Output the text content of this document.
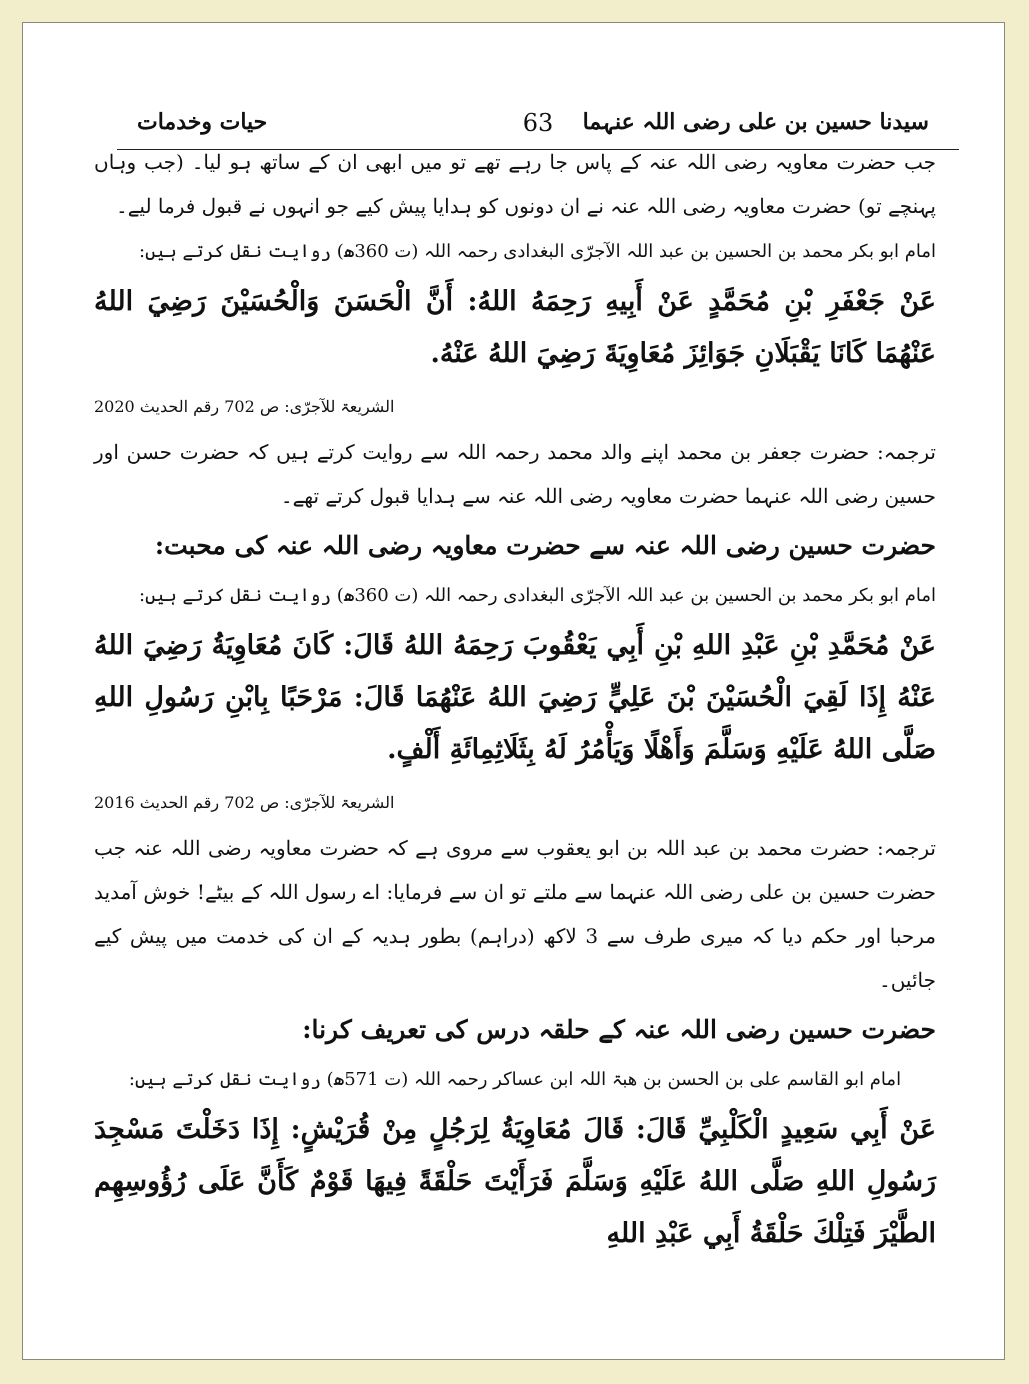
حیات وخدمات	63	سیدنا حسین بن علی رضی اللہ عنہما

جب حضرت معاویہ رضی اللہ عنہ کے پاس جا رہے تھے تو میں ابھی ان کے ساتھ ہو لیا۔ (جب وہاں پہنچے تو) حضرت معاویہ رضی اللہ عنہ نے ان دونوں کو ہدایا پیش کیے جو انہوں نے قبول فرما لیے۔

امام ابو بکر محمد بن الحسین بن عبد اللہ الآجرّی البغدادی رحمہ اللہ (ت 360ھ) روایت نقل کرتے ہیں:

عَنْ جَعْفَرِ بْنِ مُحَمَّدٍ عَنْ أَبِيهِ رَحِمَهُ اللهُ: أَنَّ الْحَسَنَ وَالْحُسَيْنَ رَضِيَ اللهُ عَنْهُمَا كَانَا يَقْبَلَانِ جَوَائِزَ مُعَاوِيَةَ رَضِيَ اللهُ عَنْهُ.

الشریعۃ للآجرّی: ص 702 رقم الحدیث 2020

ترجمہ: حضرت جعفر بن محمد اپنے والد محمد رحمہ اللہ سے روایت کرتے ہیں کہ حضرت حسن اور حسین رضی اللہ عنہما حضرت معاویہ رضی اللہ عنہ سے ہدایا قبول کرتے تھے۔

حضرت حسین رضی اللہ عنہ سے حضرت معاویہ رضی اللہ عنہ کی محبت:

امام ابو بکر محمد بن الحسین بن عبد اللہ الآجرّی البغدادی رحمہ اللہ (ت 360ھ) روایت نقل کرتے ہیں:

عَنْ مُحَمَّدِ بْنِ عَبْدِ اللهِ بْنِ أَبِي يَعْقُوبَ رَحِمَهُ اللهُ قَالَ: كَانَ مُعَاوِيَةُ رَضِيَ اللهُ عَنْهُ إِذَا لَقِيَ الْحُسَيْنَ بْنَ عَلِيٍّ رَضِيَ اللهُ عَنْهُمَا قَالَ: مَرْحَبًا بِابْنِ رَسُولِ اللهِ صَلَّى اللهُ عَلَيْهِ وَسَلَّمَ وَأَهْلًا وَيَأْمُرُ لَهُ بِثَلَاثِمِائَةِ أَلْفٍ.

الشریعۃ للآجرّی: ص 702 رقم الحدیث 2016

ترجمہ: حضرت محمد بن عبد اللہ بن ابو یعقوب سے مروی ہے کہ حضرت معاویہ رضی اللہ عنہ جب حضرت حسین بن علی رضی اللہ عنہما سے ملتے تو ان سے فرمایا: اے رسول اللہ کے بیٹے! خوش آمدید مرحبا اور حکم دیا کہ میری طرف سے 3 لاکھ (دراہم) بطور ہدیہ کے ان کی خدمت میں پیش کیے جائیں۔

حضرت حسین رضی اللہ عنہ کے حلقہ درس کی تعریف کرنا:

امام ابو القاسم علی بن الحسن بن ھبۃ اللہ ابن عساکر رحمہ اللہ (ت 571ھ) روایت نقل کرتے ہیں:

عَنْ أَبِي سَعِيدٍ الْكَلْبِيِّ قَالَ: قَالَ مُعَاوِيَةُ لِرَجُلٍ مِنْ قُرَيْشٍ: إِذَا دَخَلْتَ مَسْجِدَ رَسُولِ اللهِ صَلَّى اللهُ عَلَيْهِ وَسَلَّمَ فَرَأَيْتَ حَلْقَةً فِيهَا قَوْمٌ كَأَنَّ عَلَى رُؤُوسِهِم الطَّيْرَ فَتِلْكَ حَلْقَةُ أَبِي عَبْدِ اللهِ
